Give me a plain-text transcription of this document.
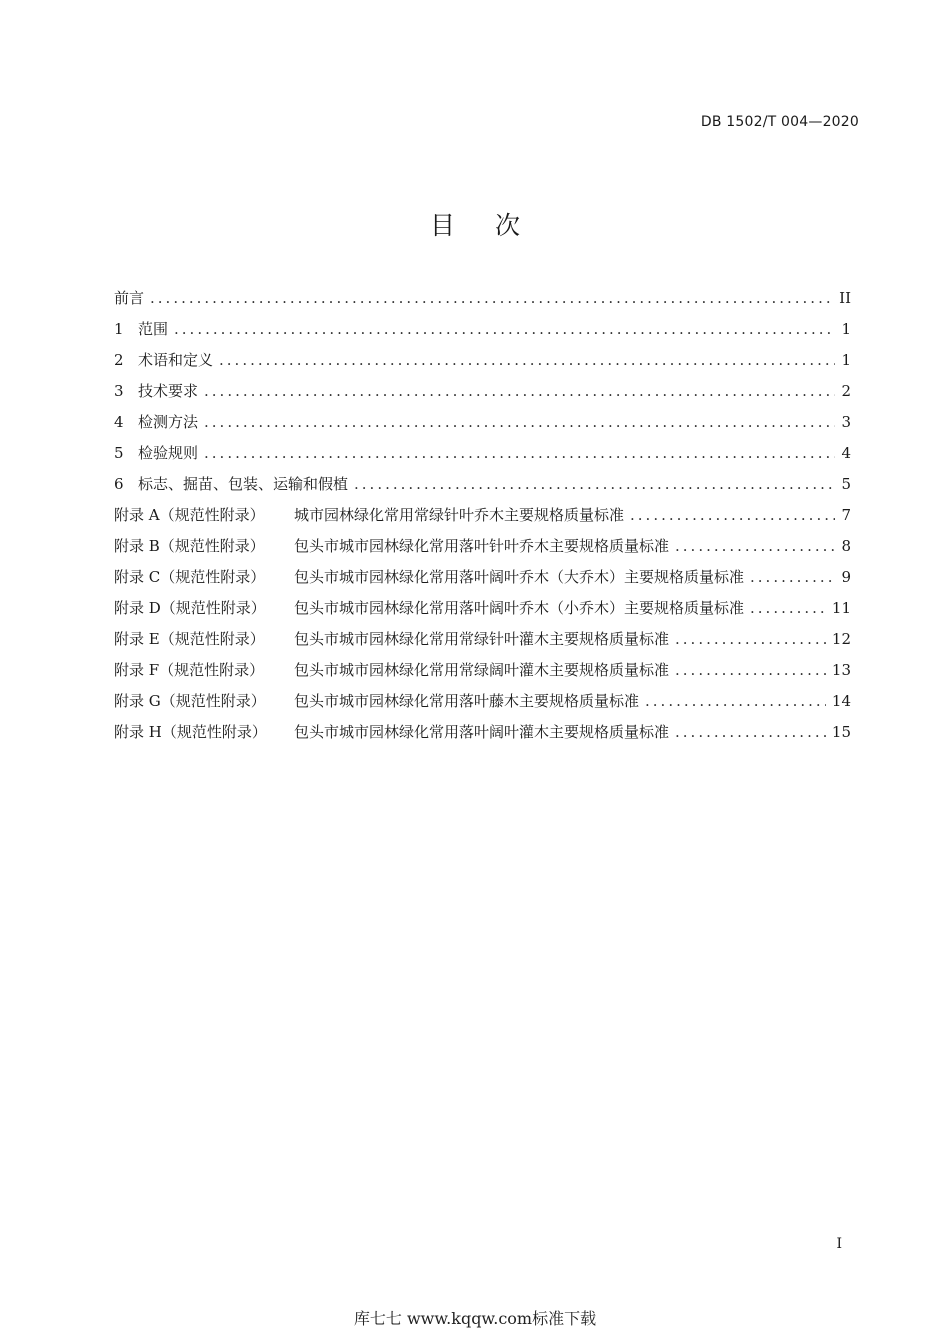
DB 1502/T 004—2020
目次
前言 .....	II
1 范围 .....	1
2 术语和定义 .....	1
3 技术要求 .....	2
4 检测方法 .....	3
5 检验规则 .....	4
6 标志、掘苗、包装、运输和假植 .....	5
附录 A（规范性附录） 城市园林绿化常用常绿针叶乔木主要规格质量标准 .....	7
附录 B（规范性附录） 包头市城市园林绿化常用落叶针叶乔木主要规格质量标准 .....	8
附录 C（规范性附录） 包头市城市园林绿化常用落叶阔叶乔木（大乔木）主要规格质量标准 .....	9
附录 D（规范性附录） 包头市城市园林绿化常用落叶阔叶乔木（小乔木）主要规格质量标准 .....	11
附录 E（规范性附录） 包头市城市园林绿化常用常绿针叶灌木主要规格质量标准 .....	12
附录 F（规范性附录） 包头市城市园林绿化常用常绿阔叶灌木主要规格质量标准 .....	13
附录 G（规范性附录） 包头市城市园林绿化常用落叶藤木主要规格质量标准 .....	14
附录 H（规范性附录） 包头市城市园林绿化常用落叶阔叶灌木主要规格质量标准 .....	15
I
库七七 www.kqqw.com标准下载
